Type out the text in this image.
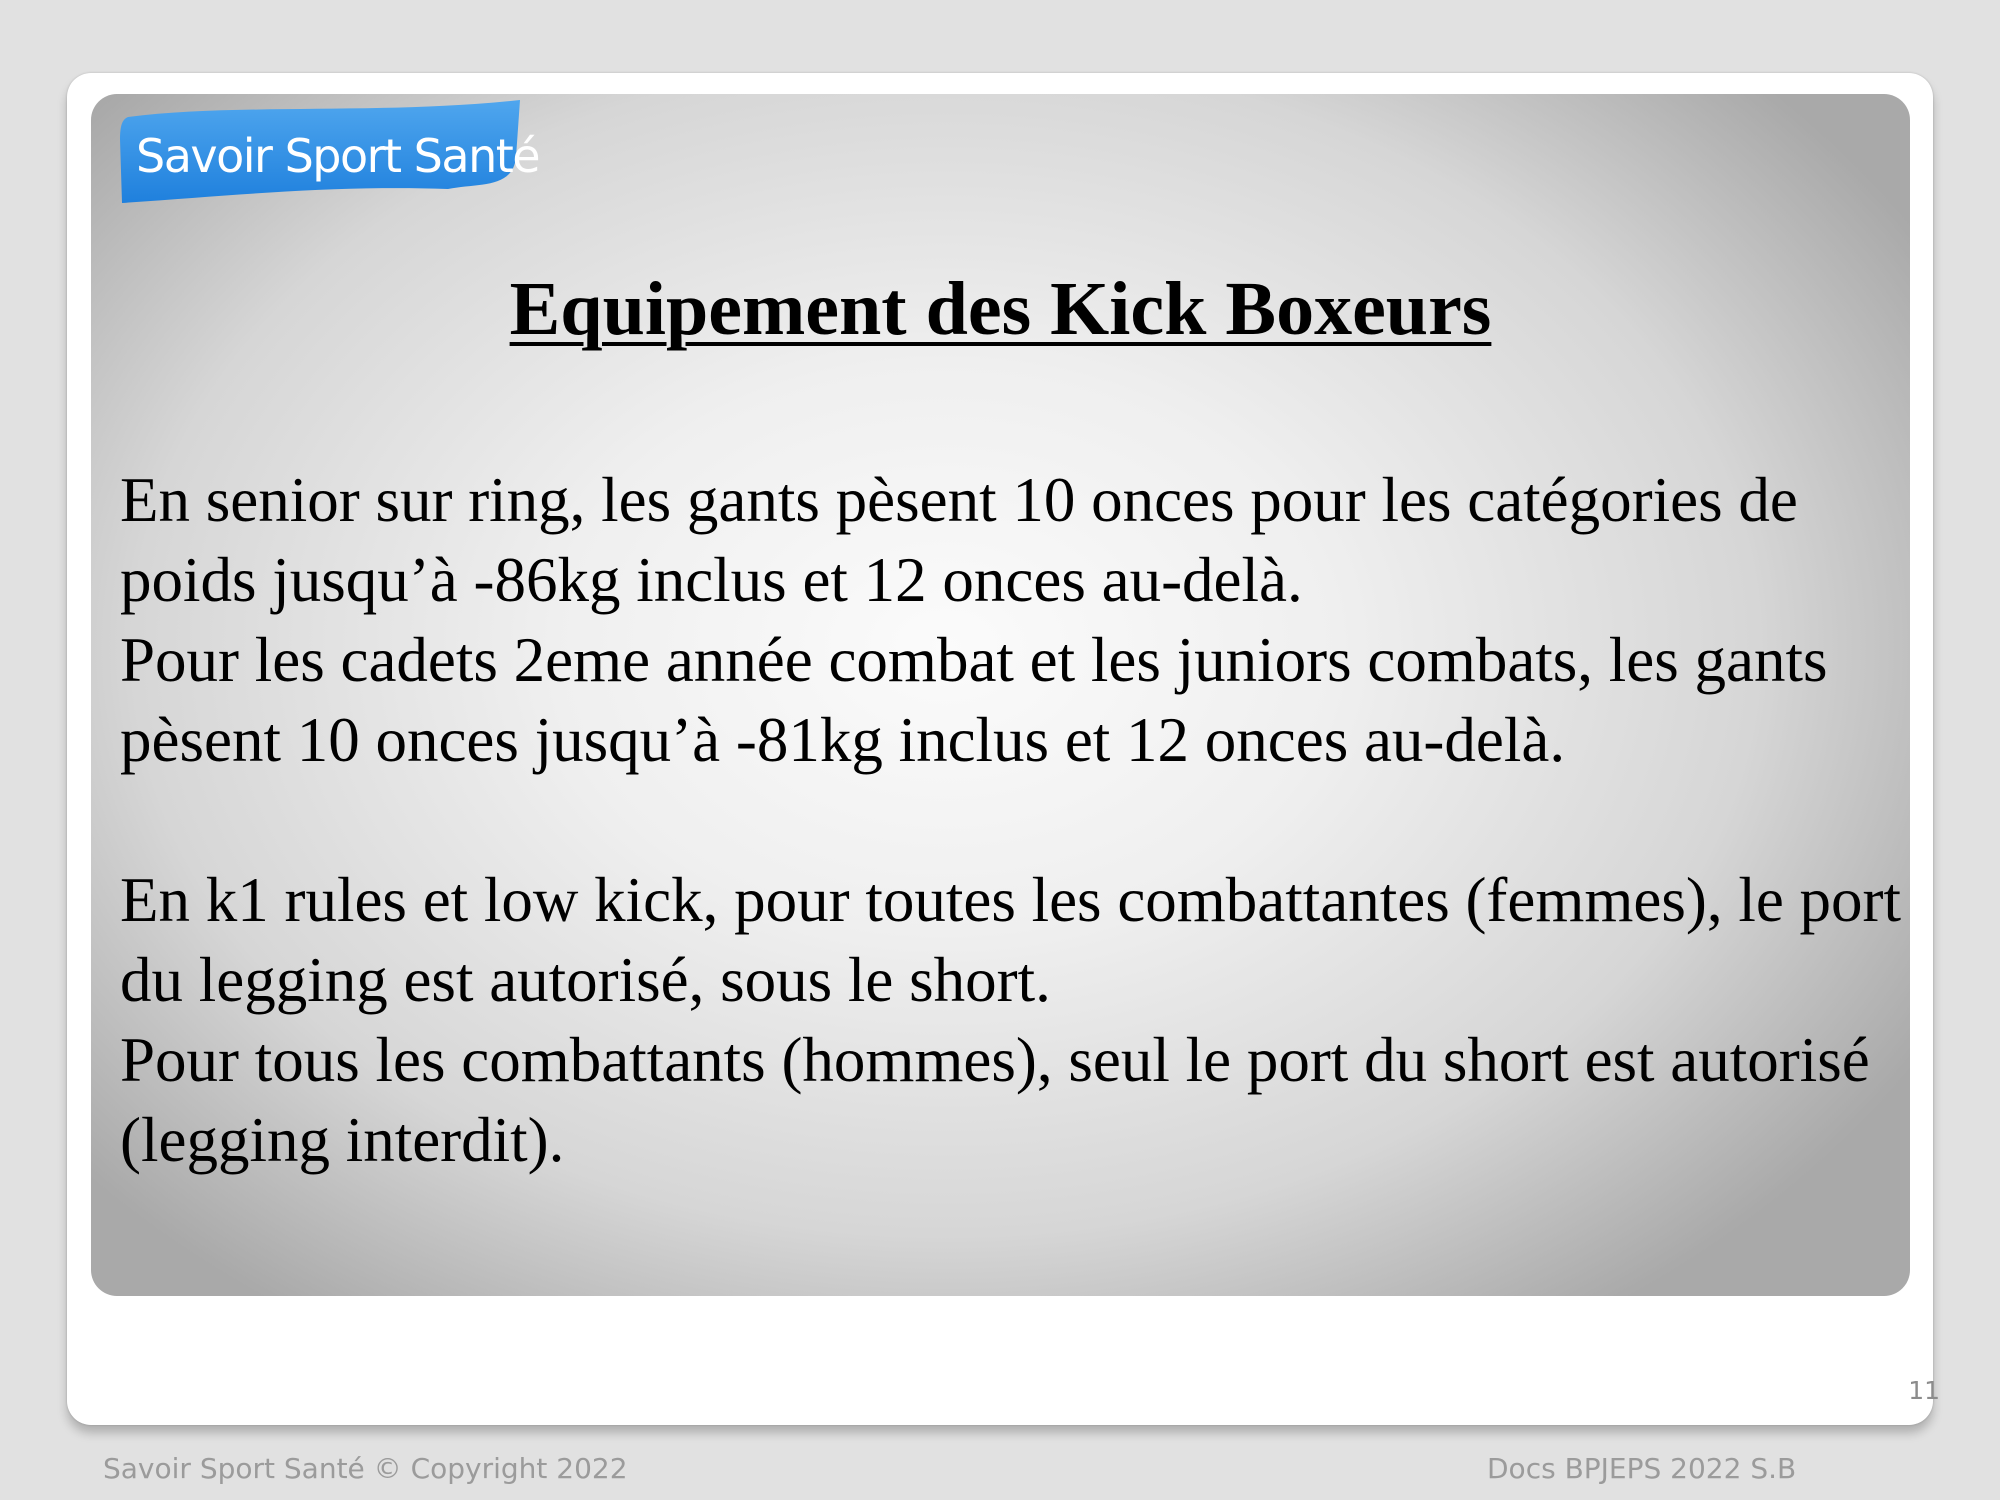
Savoir Sport Santé
Equipement des Kick Boxeurs

En senior sur ring, les gants pèsent 10 onces pour les catégories de poids jusqu’à -86kg inclus et 12 onces au-delà.

Pour les cadets 2eme année combat et les juniors combats, les gants pèsent 10 onces jusqu’à -81kg inclus et 12 onces au-delà.

En k1 rules et low kick, pour toutes les combattantes (femmes), le port du legging est autorisé, sous le short.

Pour tous les combattants (hommes), seul le port du short est autorisé (legging interdit).

11
Savoir Sport Santé © Copyright 2022	Docs BPJEPS 2022 S.B
